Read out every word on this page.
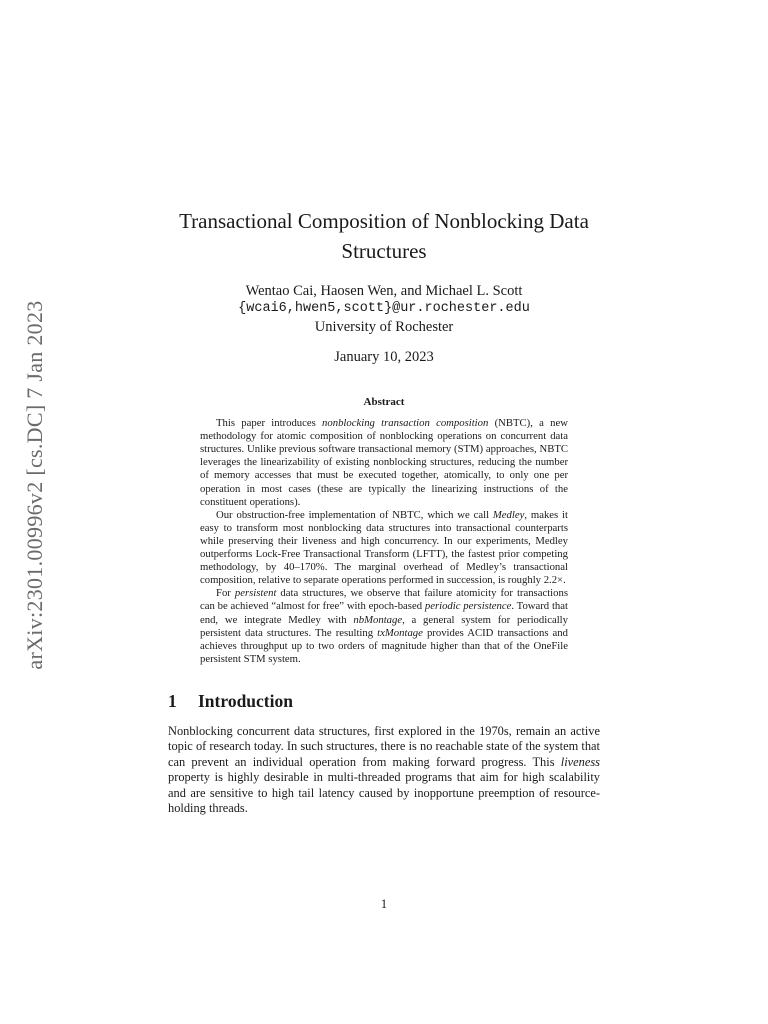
arXiv:2301.00996v2 [cs.DC] 7 Jan 2023
Transactional Composition of Nonblocking Data Structures
Wentao Cai, Haosen Wen, and Michael L. Scott
{wcai6,hwen5,scott}@ur.rochester.edu
University of Rochester
January 10, 2023
Abstract

This paper introduces nonblocking transaction composition (NBTC), a new methodology for atomic composition of nonblocking operations on concurrent data structures. Unlike previous software transactional memory (STM) approaches, NBTC leverages the linearizability of existing nonblocking structures, reducing the number of memory accesses that must be executed together, atomically, to only one per operation in most cases (these are typically the linearizing instructions of the constituent operations).

Our obstruction-free implementation of NBTC, which we call Medley, makes it easy to transform most nonblocking data structures into transactional counterparts while preserving their liveness and high concurrency. In our experiments, Medley outperforms Lock-Free Transactional Transform (LFTT), the fastest prior competing methodology, by 40–170%. The marginal overhead of Medley’s transactional composition, relative to separate operations performed in succession, is roughly 2.2×.

For persistent data structures, we observe that failure atomicity for transactions can be achieved “almost for free” with epoch-based periodic persistence. Toward that end, we integrate Medley with nbMontage, a general system for periodically persistent data structures. The resulting txMontage provides ACID transactions and achieves throughput up to two orders of magnitude higher than that of the OneFile persistent STM system.

1 Introduction

Nonblocking concurrent data structures, first explored in the 1970s, remain an active topic of research today. In such structures, there is no reachable state of the system that can prevent an individual operation from making forward progress. This liveness property is highly desirable in multi-threaded programs that aim for high scalability and are sensitive to high tail latency caused by inopportune preemption of resource-holding threads.

1
